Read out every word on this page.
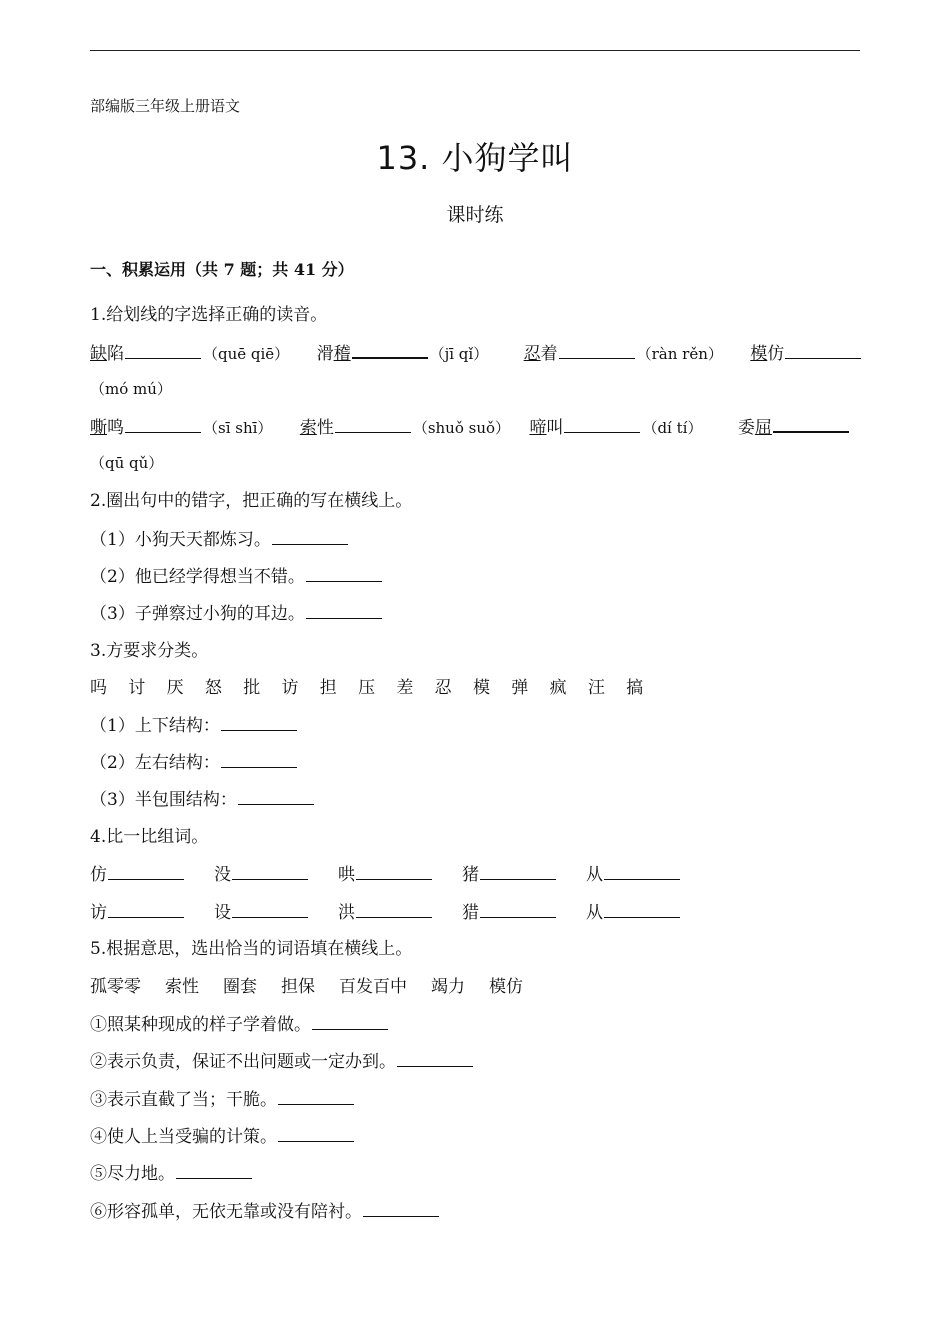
部编版三年级上册语文
13. 小狗学叫
课时练
一、积累运用（共 7 题；共 41 分）
1.给划线的字选择正确的读音。
缺陷	（quē qiē） 滑稽	（jī qǐ） 忍着	（ràn rěn） 模仿
（mó mú）
嘶鸣	（sī shī） 索性	（shuǒ suǒ） 啼叫	（dí tí） 委屈
（qū qǔ）
2.圈出句中的错字，把正确的写在横线上。
（1）小狗天天都炼习。
（2）他已经学得想当不错。
（3）子弹察过小狗的耳边。
3.方要求分类。
吗 讨 厌 怒 批 访 担 压 差 忍 模 弹 疯 汪 搞
（1）上下结构：
（2）左右结构：
（3）半包围结构：
4.比一比组词。
仿	没	哄	猪	从
访	设	洪	猎	从
5.根据意思，选出恰当的词语填在横线上。
孤零零 索性 圈套 担保 百发百中 竭力 模仿
①照某种现成的样子学着做。
②表示负责，保证不出问题或一定办到。
③表示直截了当；干脆。
④使人上当受骗的计策。
⑤尽力地。
⑥形容孤单，无依无靠或没有陪衬。
